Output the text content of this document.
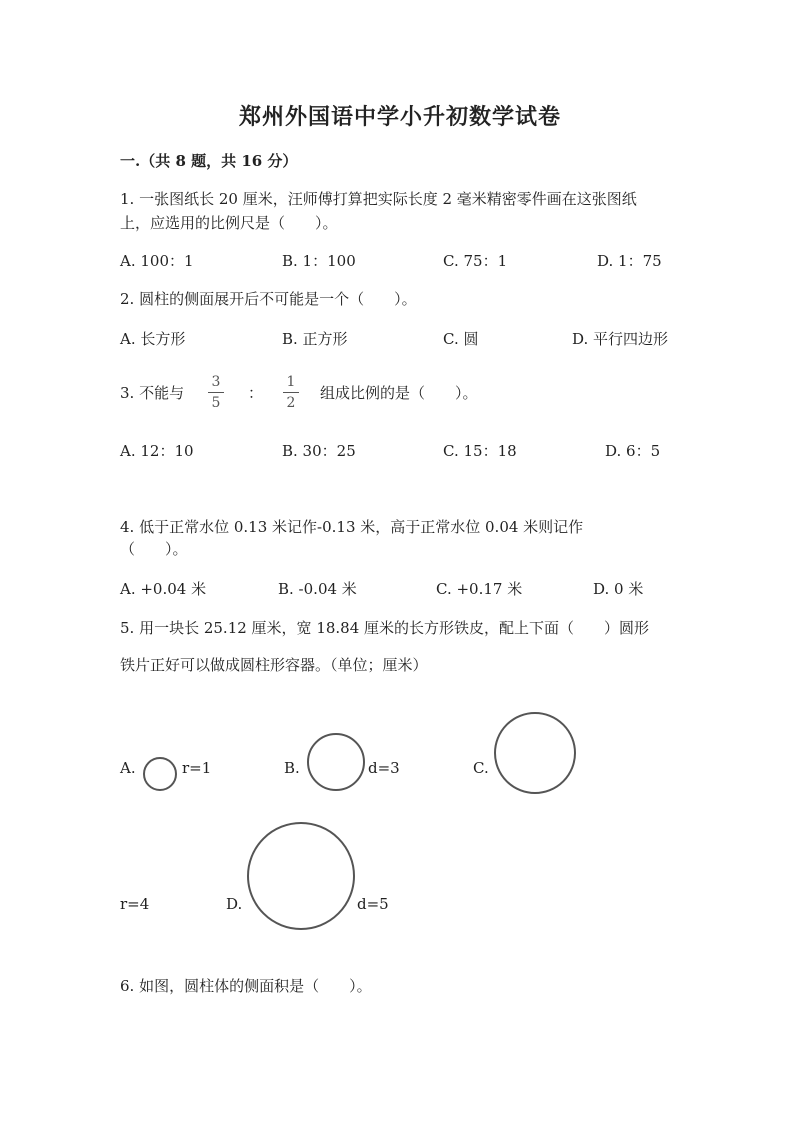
郑州外国语中学小升初数学试卷
一.（共 8 题，共 16 分）
1. 一张图纸长 20 厘米，汪师傅打算把实际长度 2 毫米精密零件画在这张图纸
上，应选用的比例尺是（　　）。
A. 100：1	B. 1：100	C. 75：1	D. 1：75
2. 圆柱的侧面展开后不可能是一个（　　）。
A. 长方形	B. 正方形	C. 圆	D. 平行四边形
3. 不能与 $\frac{3}{5}$ ： $\frac{1}{2}$ 组成比例的是（　　）。
A. 12：10	B. 30：25	C. 15：18	D. 6：5
4. 低于正常水位 0.13 米记作-0.13 米，高于正常水位 0.04 米则记作
（　　）。
A. +0.04 米	B. -0.04 米	C. +0.17 米	D. 0 米
5. 用一块长 25.12 厘米，宽 18.84 厘米的长方形铁皮，配上下面（　　）圆形
铁片正好可以做成圆柱形容器。（单位；厘米）
A.	r=1	B.	d=3	C.
r=4	D.	d=5
6. 如图，圆柱体的侧面积是（　　）。
